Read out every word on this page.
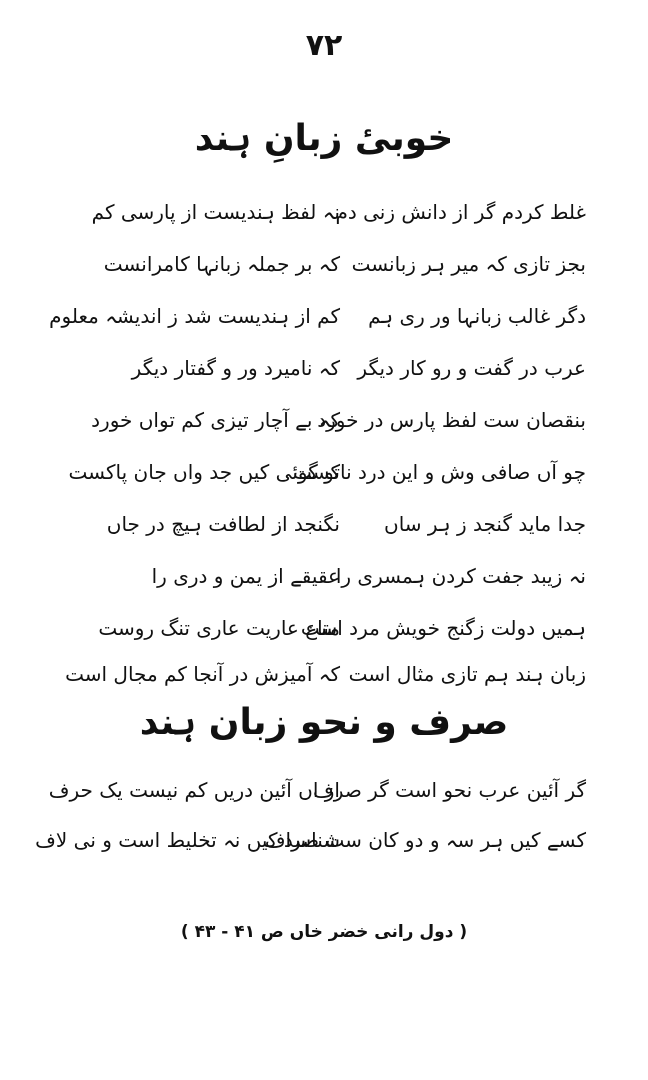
۷۲
خوبیٔ زبانِ ہند
غلط کردم گر از دانش زنی دم
نہ لفظ ہندیست از پارسی کم
بجز تازی کہ میر ہر زبانست
کہ بر جملہ زبانہا کامرانست
دگر غالب زبانہا ور ری ہم
کم از ہندیست شد ز اندیشہ معلوم
عرب در گفت و رو کار دیگر
کہ نامیرد ور و گفتار دیگر
بنقصان ست لفظ پارس در خورد
کہ بے آچار تیزی کم تواں خورد
چو آں صافی وش و این درد ناکست
تو گوئی کیں جد واں جان پاکست
جدا ماید گنجد ز ہر ساں
نگنجد از لطافت ہیچ در جاں
نہ زیبد جفت کردن ہمسری را
عقیقے از یمن و دری را
ہمیں دولت زگنج خویش مرد است
متاع عاریت عاری تنگ روست
زبان ہند ہم تازی مثال است
کہ آمیزش در آنجا کم مجال است
صرف و نحو زبان ہند
گر آئین عرب نحو است گر صرف
از اں آئین دریں کم نیست یک حرف
کسے کیں ہر سہ و دو کان ست صراف
شناسد کیں نہ تخلیط است و نی لاف
( دول رانی خضر خاں ص ۴۱ - ۴۳ )
